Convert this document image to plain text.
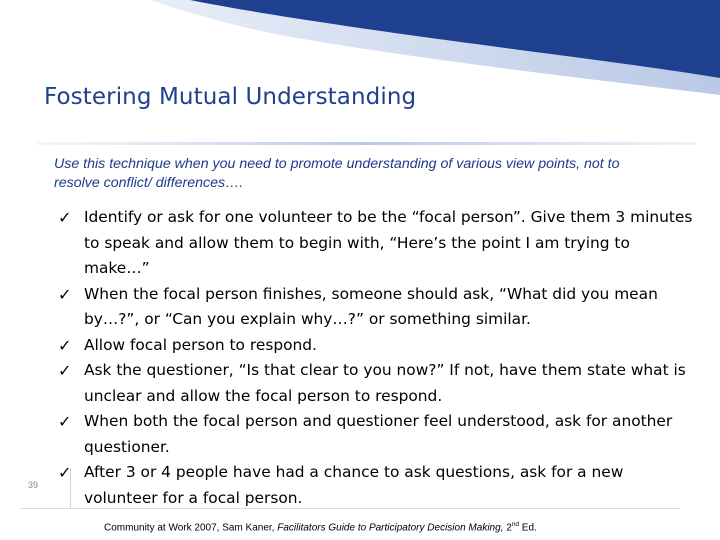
Fostering Mutual Understanding
Use this technique when you need to promote understanding of various view points, not to resolve conflict/ differences….
✓ Identify or ask for one volunteer to be the “focal person”. Give them 3 minutes to speak and allow them to begin with, “Here’s the point I am trying to make…”
✓ When the focal person finishes, someone should ask, “What did you mean by…?”, or “Can you explain why…?” or something similar.
✓ Allow focal person to respond.
✓ Ask the questioner, “Is that clear to you now?” If not, have them state what is unclear and allow the focal person to respond.
✓ When both the focal person and questioner feel understood, ask for another questioner.
✓ After 3 or 4 people have had a chance to ask questions, ask for a new volunteer for a focal person.
39
Community at Work 2007, Sam Kaner, Facilitators Guide to Participatory Decision Making, 2nd Ed.
